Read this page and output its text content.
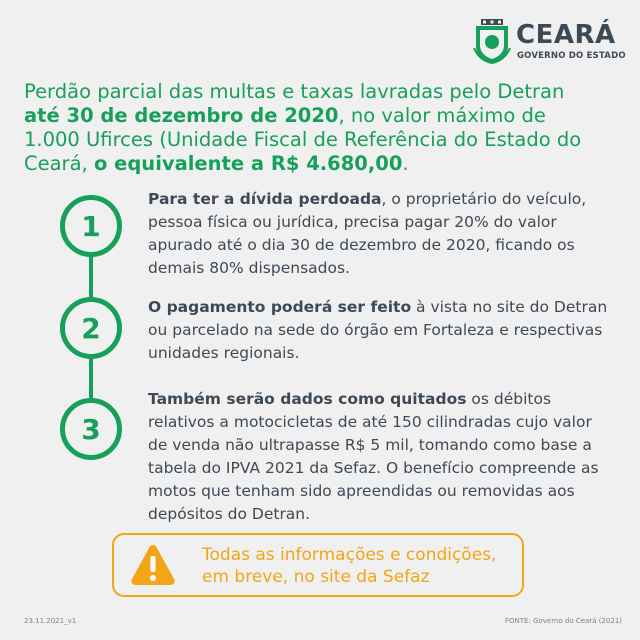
CEARÁ
GOVERNO DO ESTADO
Perdão parcial das multas e taxas lavradas pelo Detran até 30 de dezembro de 2020, no valor máximo de 1.000 Ufirces (Unidade Fiscal de Referência do Estado do Ceará, o equivalente a R$ 4.680,00.
1
2
3
Para ter a dívida perdoada, o proprietário do veículo, pessoa física ou jurídica, precisa pagar 20% do valor apurado até o dia 30 de dezembro de 2020, ficando os demais 80% dispensados.
O pagamento poderá ser feito à vista no site do Detran ou parcelado na sede do órgão em Fortaleza e respectivas unidades regionais.
Também serão dados como quitados os débitos relativos a motocicletas de até 150 cilindradas cujo valor de venda não ultrapasse R$ 5 mil, tomando como base a tabela do IPVA 2021 da Sefaz. O benefício compreende as motos que tenham sido apreendidas ou removidas aos depósitos do Detran.
Todas as informações e condições, em breve, no site da Sefaz
23.11.2021_v1	FONTE: Governo do Ceará (2021)
